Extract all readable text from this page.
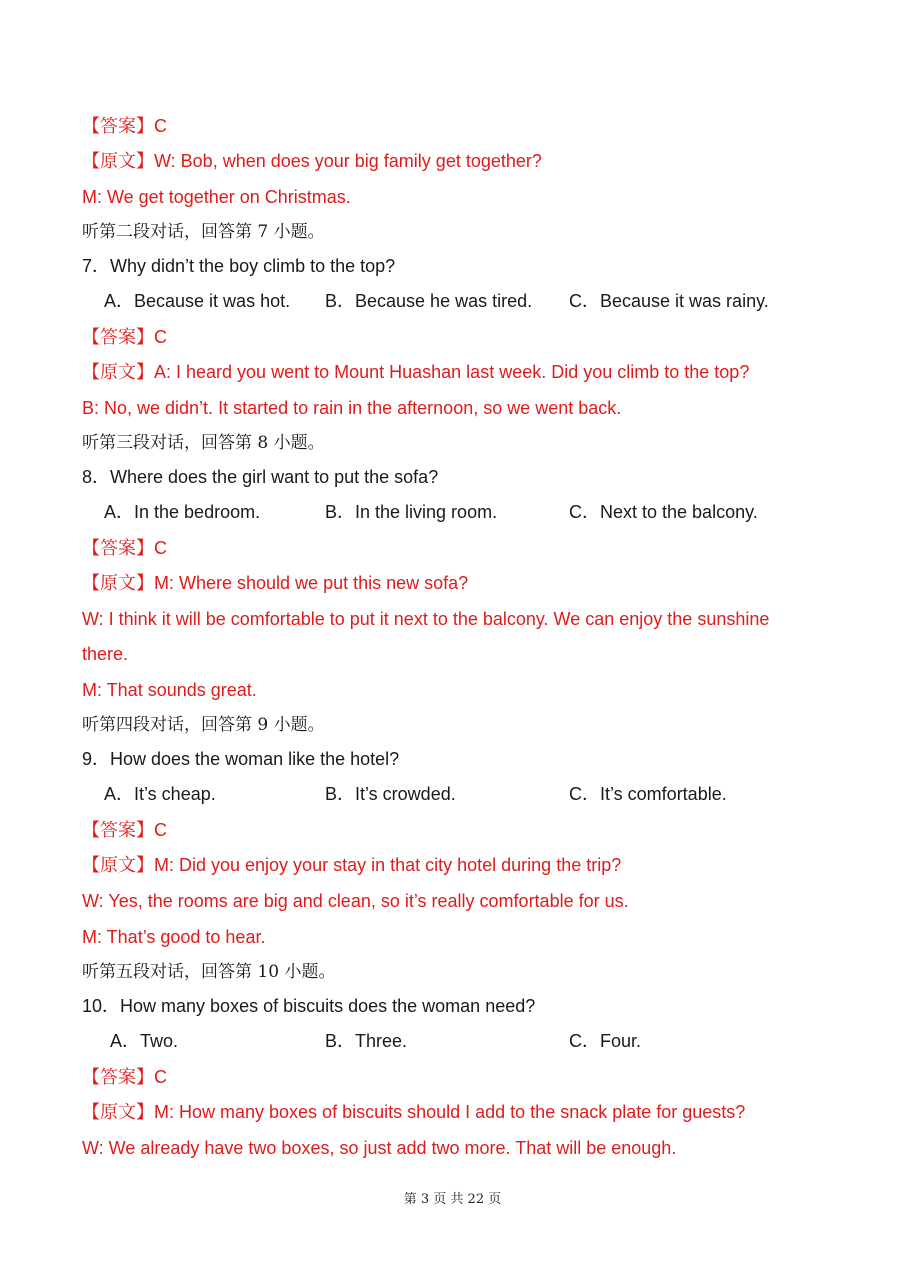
【答案】C
【原文】W: Bob, when does your big family get together?
M: We get together on Christmas.
听第二段对话，回答第 7 小题。
7．Why didn’t the boy climb to the top?
A．Because it was hot. B．Because he was tired. C．Because it was rainy.
【答案】C
【原文】A: I heard you went to Mount Huashan last week. Did you climb to the top?
B: No, we didn’t. It started to rain in the afternoon, so we went back.
听第三段对话，回答第 8 小题。
8．Where does the girl want to put the sofa?
A．In the bedroom.	B．In the living room.	C．Next to the balcony.
【答案】C
【原文】M: Where should we put this new sofa?
W: I think it will be comfortable to put it next to the balcony. We can enjoy the sunshine
there.
M: That sounds great.
听第四段对话，回答第 9 小题。
9．How does the woman like the hotel?
A．It’s cheap.	B．It’s crowded.	C．It’s comfortable.
【答案】C
【原文】M: Did you enjoy your stay in that city hotel during the trip?
W: Yes, the rooms are big and clean, so it’s really comfortable for us.
M: That’s good to hear.
听第五段对话，回答第 10 小题。
10．How many boxes of biscuits does the woman need?
A．Two.	B．Three.	C．Four.
【答案】C
【原文】M: How many boxes of biscuits should I add to the snack plate for guests?
W: We already have two boxes, so just add two more. That will be enough.
第 3 页 共 22 页
